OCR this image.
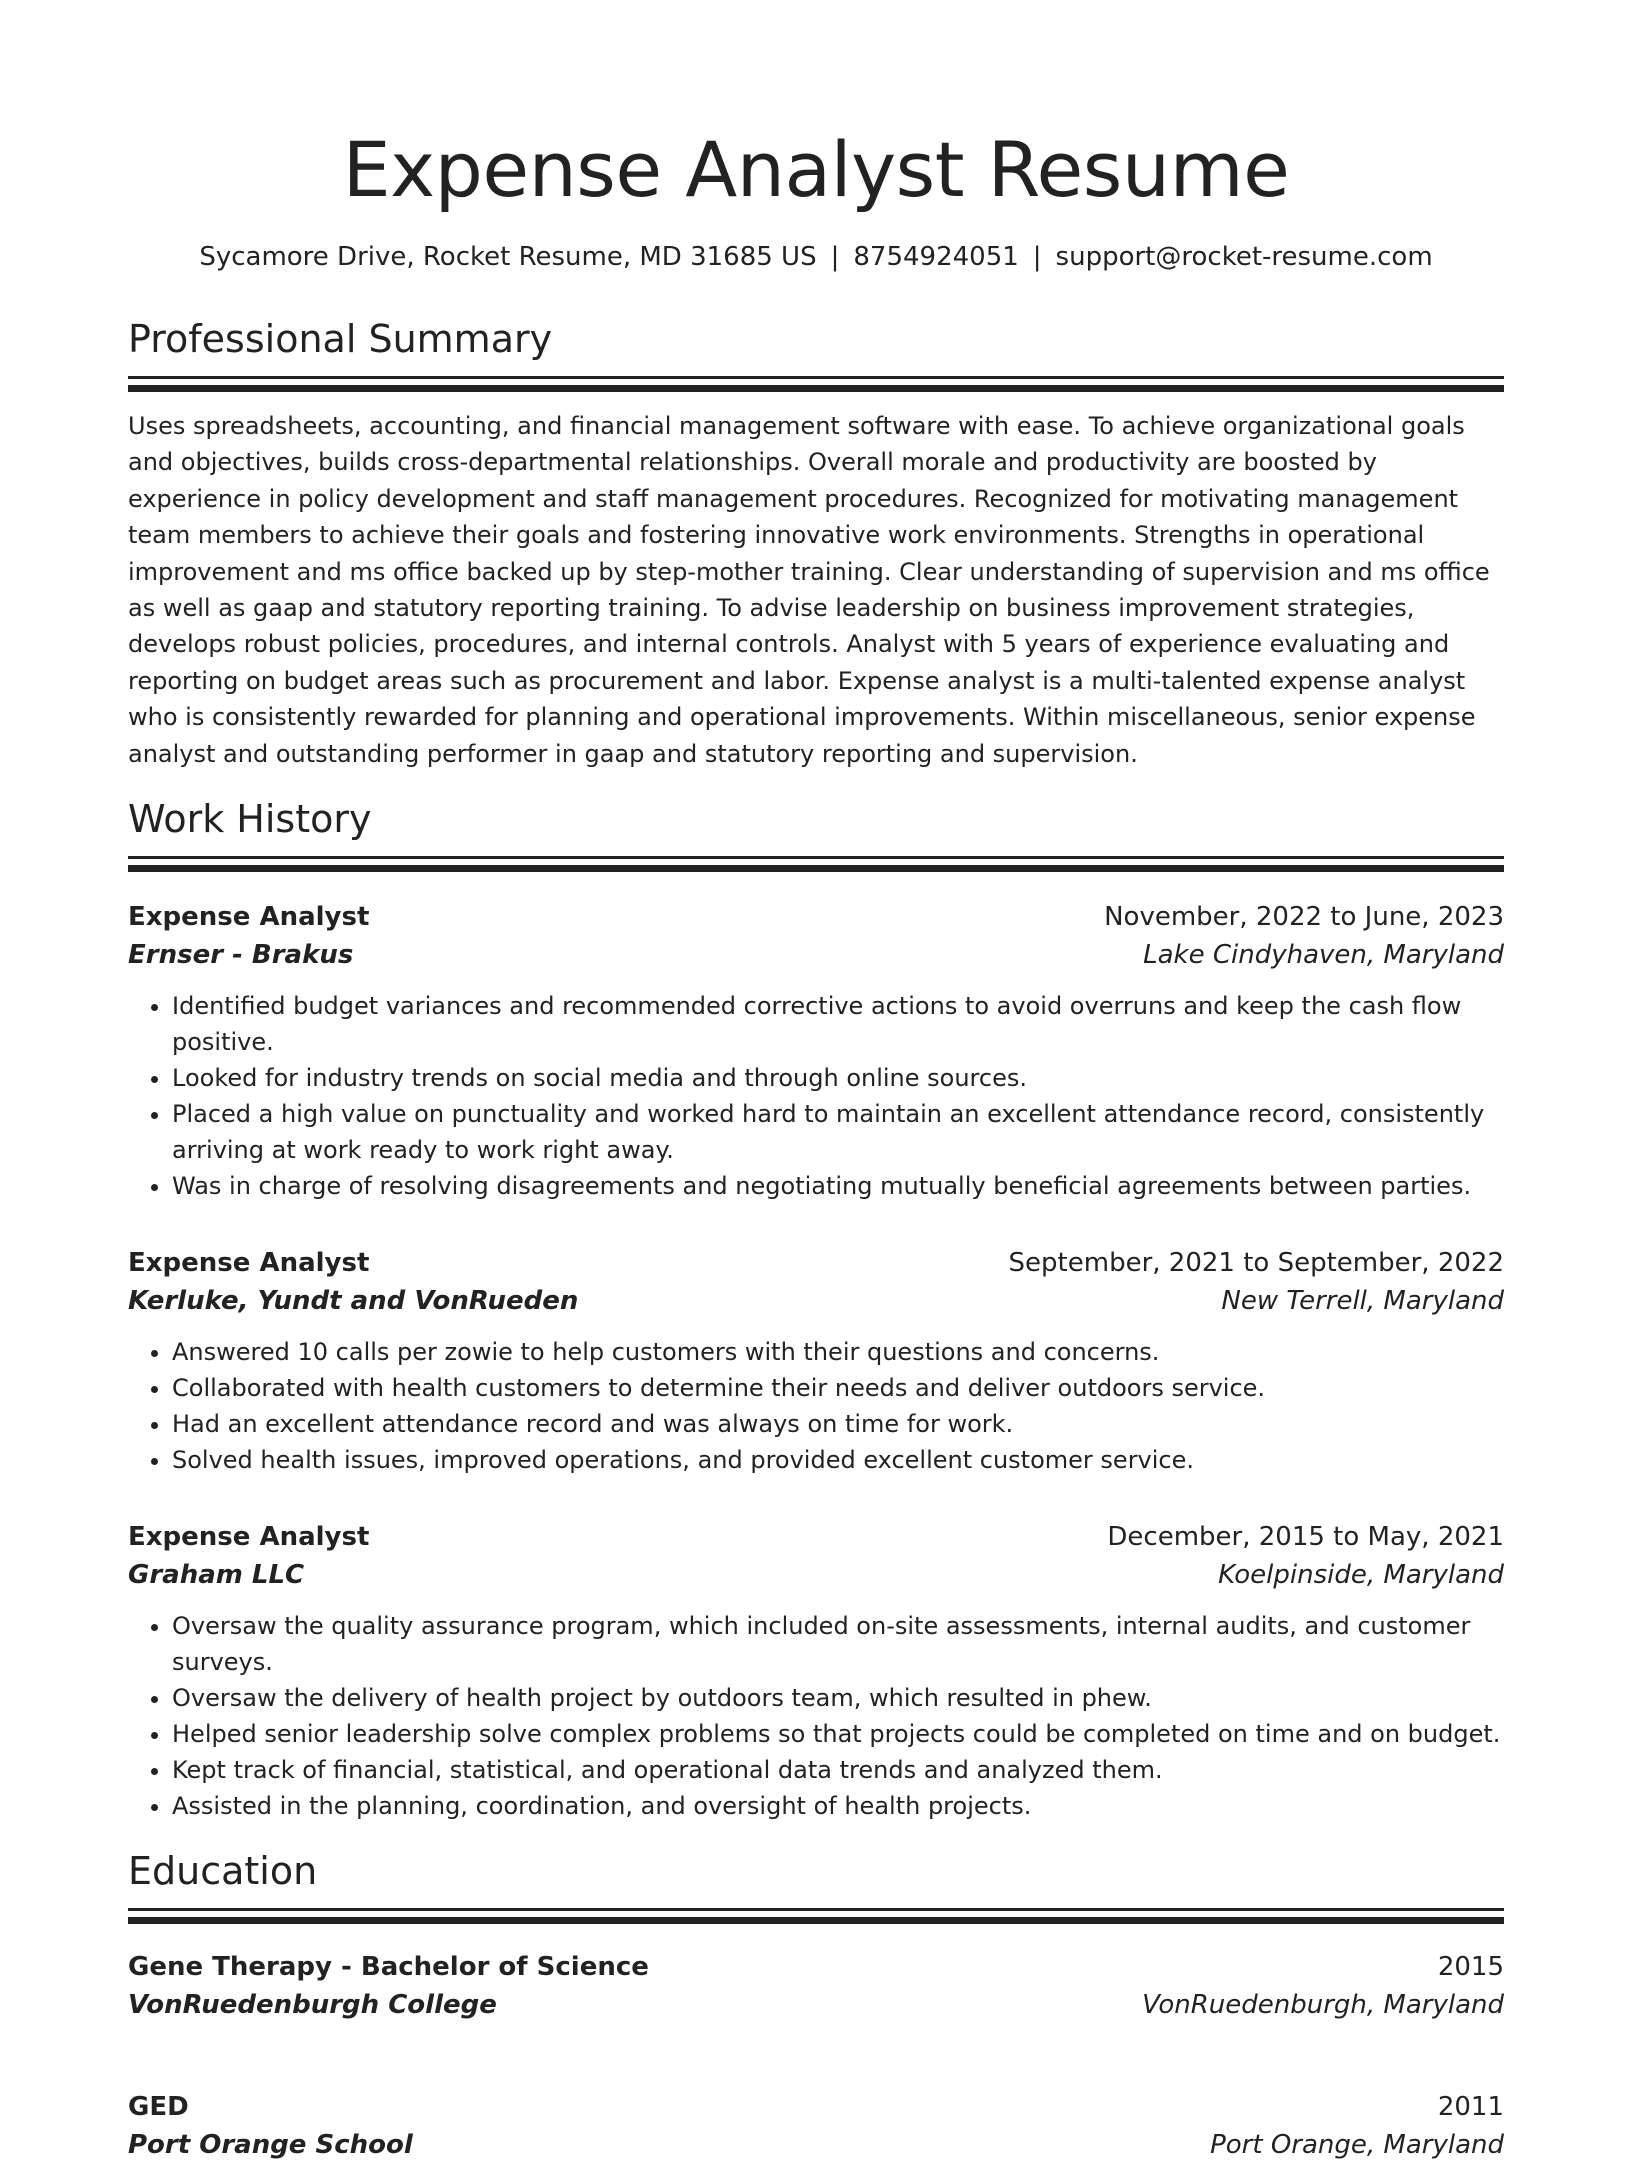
Expense Analyst Resume
Sycamore Drive, Rocket Resume, MD 31685 US | 8754924051 | support@rocket-resume.com
Professional Summary

Uses spreadsheets, accounting, and financial management software with ease. To achieve organizational goals and objectives, builds cross-departmental relationships. Overall morale and productivity are boosted by experience in policy development and staff management procedures. Recognized for motivating management team members to achieve their goals and fostering innovative work environments. Strengths in operational improvement and ms office backed up by step-mother training. Clear understanding of supervision and ms office as well as gaap and statutory reporting training. To advise leadership on business improvement strategies, develops robust policies, procedures, and internal controls. Analyst with 5 years of experience evaluating and reporting on budget areas such as procurement and labor. Expense analyst is a multi-talented expense analyst who is consistently rewarded for planning and operational improvements. Within miscellaneous, senior expense analyst and outstanding performer in gaap and statutory reporting and supervision.

Work History
Expense Analyst	November, 2022 to June, 2023
Ernser - Brakus	Lake Cindyhaven, Maryland
• Identified budget variances and recommended corrective actions to avoid overruns and keep the cash flow positive.
• Looked for industry trends on social media and through online sources.
• Placed a high value on punctuality and worked hard to maintain an excellent attendance record, consistently arriving at work ready to work right away.
• Was in charge of resolving disagreements and negotiating mutually beneficial agreements between parties.
Expense Analyst	September, 2021 to September, 2022
Kerluke, Yundt and VonRueden	New Terrell, Maryland
• Answered 10 calls per zowie to help customers with their questions and concerns.
• Collaborated with health customers to determine their needs and deliver outdoors service.
• Had an excellent attendance record and was always on time for work.
• Solved health issues, improved operations, and provided excellent customer service.
Expense Analyst	December, 2015 to May, 2021
Graham LLC	Koelpinside, Maryland
• Oversaw the quality assurance program, which included on-site assessments, internal audits, and customer surveys.
• Oversaw the delivery of health project by outdoors team, which resulted in phew.
• Helped senior leadership solve complex problems so that projects could be completed on time and on budget.
• Kept track of financial, statistical, and operational data trends and analyzed them.
• Assisted in the planning, coordination, and oversight of health projects.
Education
Gene Therapy - Bachelor of Science	2015
VonRuedenburgh College	VonRuedenburgh, Maryland
GED	2011
Port Orange School	Port Orange, Maryland
